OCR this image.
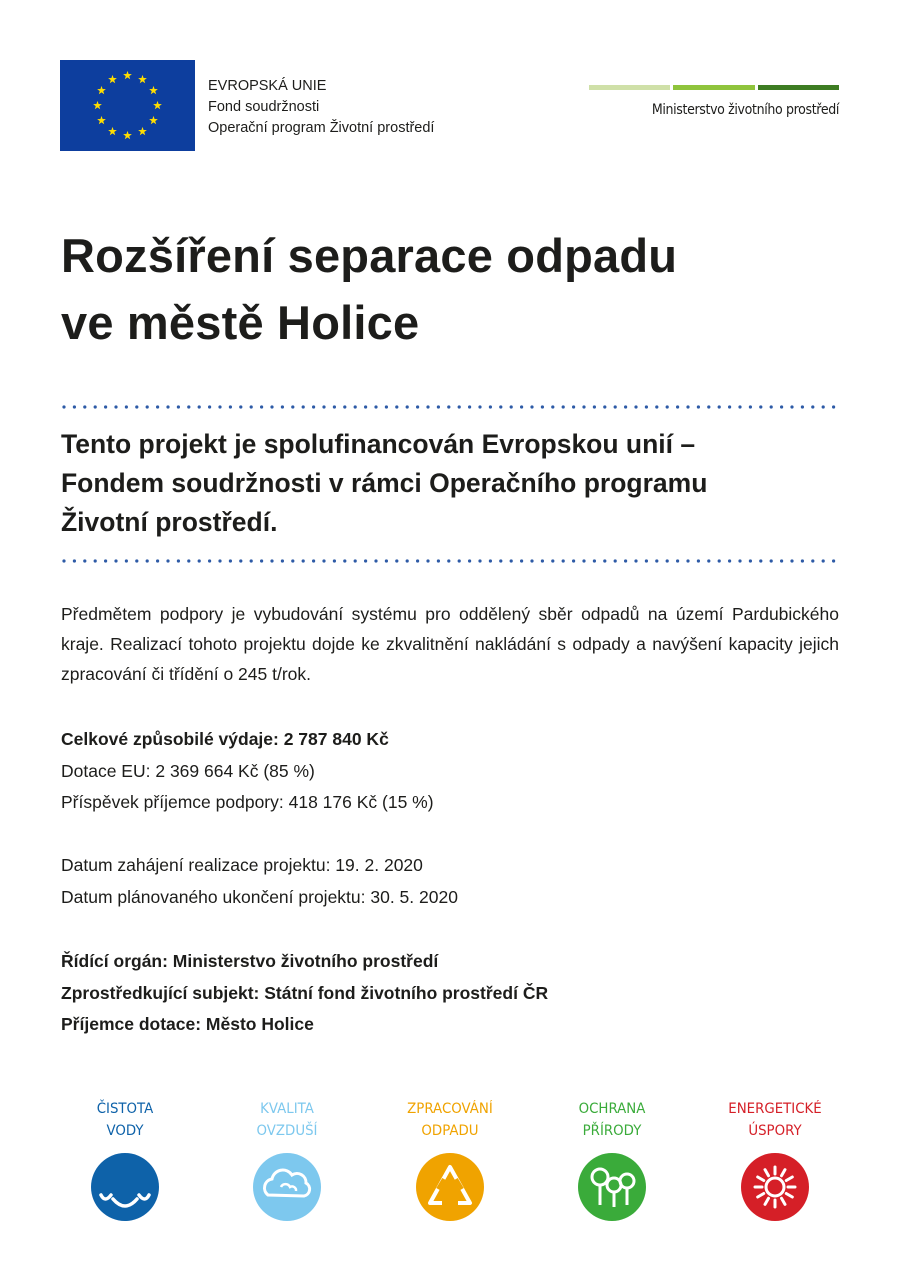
EVROPSKÁ UNIE
Fond soudržnosti
Operační program Životní prostředí
Ministerstvo životního prostředí
Rozšíření separace odpadu
ve městě Holice
Tento projekt je spolufinancován Evropskou unií –
Fondem soudržnosti v rámci Operačního programu
Životní prostředí.
Předmětem podpory je vybudování systému pro oddělený sběr odpadů na území Pardubického kraje. Realizací tohoto projektu dojde ke zkvalitnění nakládání s odpady a navýšení kapacity jejich zpracování či třídění o 245 t/rok.
Celkové způsobilé výdaje: 2 787 840 Kč
Dotace EU: 2 369 664 Kč (85 %)
Příspěvek příjemce podpory: 418 176 Kč (15 %)
Datum zahájení realizace projektu: 19. 2. 2020
Datum plánovaného ukončení projektu: 30. 5. 2020
Řídící orgán: Ministerstvo životního prostředí
Zprostředkující subjekt: Státní fond životního prostředí ČR
Příjemce dotace: Město Holice
ČISTOTA
VODY
KVALITA
OVZDUŠÍ
ZPRACOVÁNÍ
ODPADU
OCHRANA
PŘÍRODY
ENERGETICKÉ
ÚSPORY
